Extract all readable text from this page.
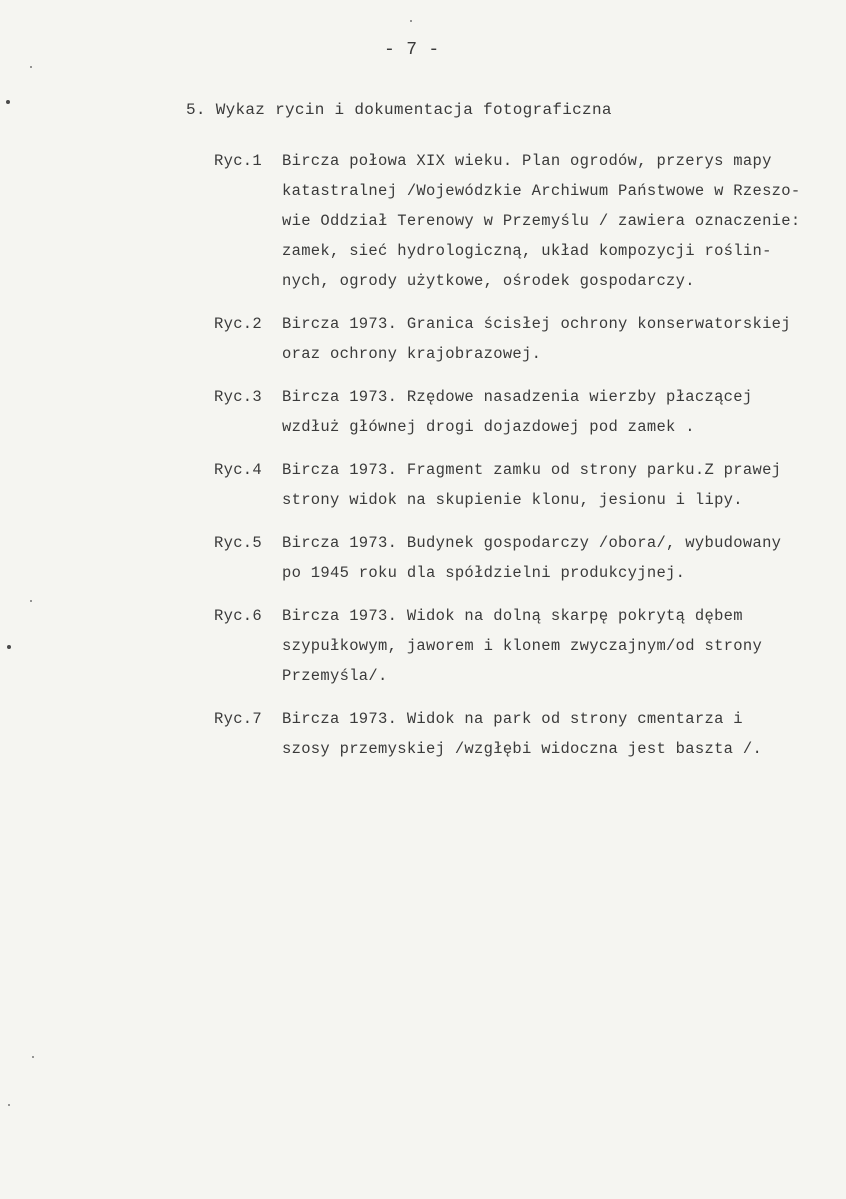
- 7 -
5. Wykaz rycin i dokumentacja fotograficzna
Ryc.1	Bircza połowa XIX wieku. Plan ogrodów, przerys mapy
katastralnej /Wojewódzkie Archiwum Państwowe w Rzeszo-
wie Oddział Terenowy w Przemyślu / zawiera oznaczenie:
zamek, sieć hydrologiczną, układ kompozycji roślin-
nych, ogrody użytkowe, ośrodek gospodarczy.
Ryc.2	Bircza 1973. Granica ścisłej ochrony konserwatorskiej
oraz ochrony krajobrazowej.
Ryc.3	Bircza 1973. Rzędowe nasadzenia wierzby płaczącej
wzdłuż głównej drogi dojazdowej pod zamek .
Ryc.4	Bircza 1973. Fragment zamku od strony parku.Z prawej
strony widok na skupienie klonu, jesionu i lipy.
Ryc.5	Bircza 1973. Budynek gospodarczy /obora/, wybudowany
po 1945 roku dla spółdzielni produkcyjnej.
Ryc.6	Bircza 1973. Widok na dolną skarpę pokrytą dębem
szypułkowym, jaworem i klonem zwyczajnym/od strony
Przemyśla/.
Ryc.7	Bircza 1973. Widok na park od strony cmentarza i
szosy przemyskiej /wzgłębi widoczna jest baszta /.
